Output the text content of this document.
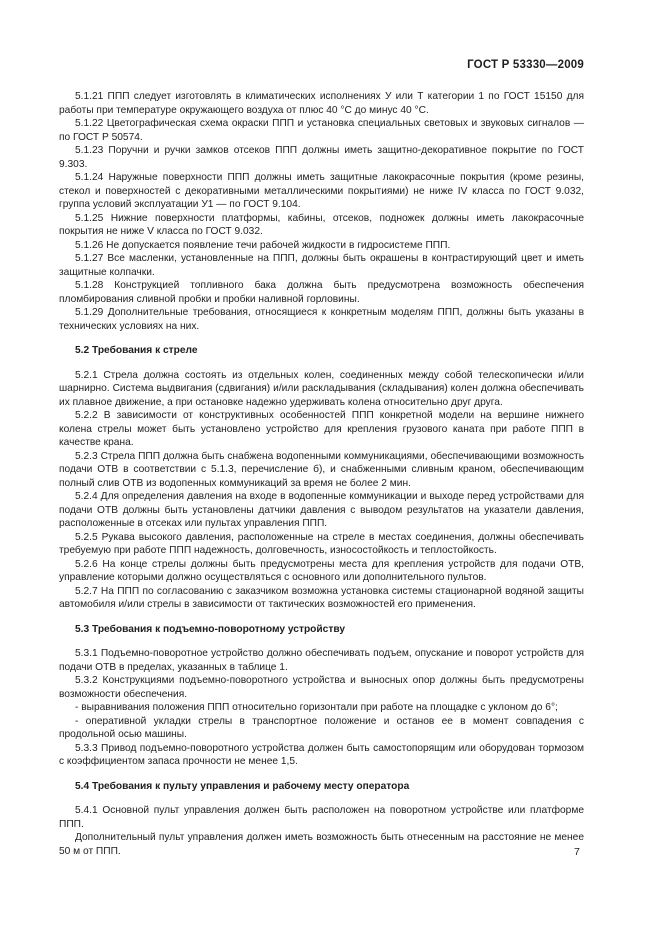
ГОСТ Р 53330—2009

5.1.21 ППП следует изготовлять в климатических исполнениях У или Т категории 1 по ГОСТ 15150 для работы при температуре окружающего воздуха от плюс 40 °С до минус 40 °С.

5.1.22 Цветографическая схема окраски ППП и установка специальных световых и звуковых сигналов — по ГОСТ Р 50574.

5.1.23 Поручни и ручки замков отсеков ППП должны иметь защитно-декоративное покрытие по ГОСТ 9.303.

5.1.24 Наружные поверхности ППП должны иметь защитные лакокрасочные покрытия (кроме резины, стекол и поверхностей с декоративными металлическими покрытиями) не ниже IV класса по ГОСТ 9.032, группа условий эксплуатации У1 — по ГОСТ 9.104.

5.1.25 Нижние поверхности платформы, кабины, отсеков, подножек должны иметь лакокрасочные покрытия не ниже V класса по ГОСТ 9.032.

5.1.26 Не допускается появление течи рабочей жидкости в гидросистеме ППП.

5.1.27 Все масленки, установленные на ППП, должны быть окрашены в контрастирующий цвет и иметь защитные колпачки.

5.1.28 Конструкцией топливного бака должна быть предусмотрена возможность обеспечения пломбирования сливной пробки и пробки наливной горловины.

5.1.29 Дополнительные требования, относящиеся к конкретным моделям ППП, должны быть указаны в технических условиях на них.

5.2 Требования к стреле

5.2.1 Стрела должна состоять из отдельных колен, соединенных между собой телескопически и/или шарнирно. Система выдвигания (сдвигания) и/или раскладывания (складывания) колен должна обеспечивать их плавное движение, а при остановке надежно удерживать колена относительно друг друга.

5.2.2 В зависимости от конструктивных особенностей ППП конкретной модели на вершине нижнего колена стрелы может быть установлено устройство для крепления грузового каната при работе ППП в качестве крана.

5.2.3 Стрела ППП должна быть снабжена водопенными коммуникациями, обеспечивающими возможность подачи ОТВ в соответствии с 5.1.3, перечисление б), и снабженными сливным краном, обеспечивающим полный слив ОТВ из водопенных коммуникаций за время не более 2 мин.

5.2.4 Для определения давления на входе в водопенные коммуникации и выходе перед устройствами для подачи ОТВ должны быть установлены датчики давления с выводом результатов на указатели давления, расположенные в отсеках или пультах управления ППП.

5.2.5 Рукава высокого давления, расположенные на стреле в местах соединения, должны обеспечивать требуемую при работе ППП надежность, долговечность, износостойкость и теплостойкость.

5.2.6 На конце стрелы должны быть предусмотрены места для крепления устройств для подачи ОТВ, управление которыми должно осуществляться с основного или дополнительного пультов.

5.2.7 На ППП по согласованию с заказчиком возможна установка системы стационарной водяной защиты автомобиля и/или стрелы в зависимости от тактических возможностей его применения.

5.3 Требования к подъемно-поворотному устройству

5.3.1 Подъемно-поворотное устройство должно обеспечивать подъем, опускание и поворот устройств для подачи ОТВ в пределах, указанных в таблице 1.

5.3.2 Конструкциями подъемно-поворотного устройства и выносных опор должны быть предусмотрены возможности обеспечения.

- выравнивания положения ППП относительно горизонтали при работе на площадке с уклоном до 6°;

- оперативной укладки стрелы в транспортное положение и останов ее в момент совпадения с продольной осью машины.

5.3.3 Привод подъемно-поворотного устройства должен быть самостопорящим или оборудован тормозом с коэффициентом запаса прочности не менее 1,5.

5.4 Требования к пульту управления и рабочему месту оператора

5.4.1 Основной пульт управления должен быть расположен на поворотном устройстве или платформе ППП.

Дополнительный пульт управления должен иметь возможность быть отнесенным на расстояние не менее 50 м от ППП.	7
